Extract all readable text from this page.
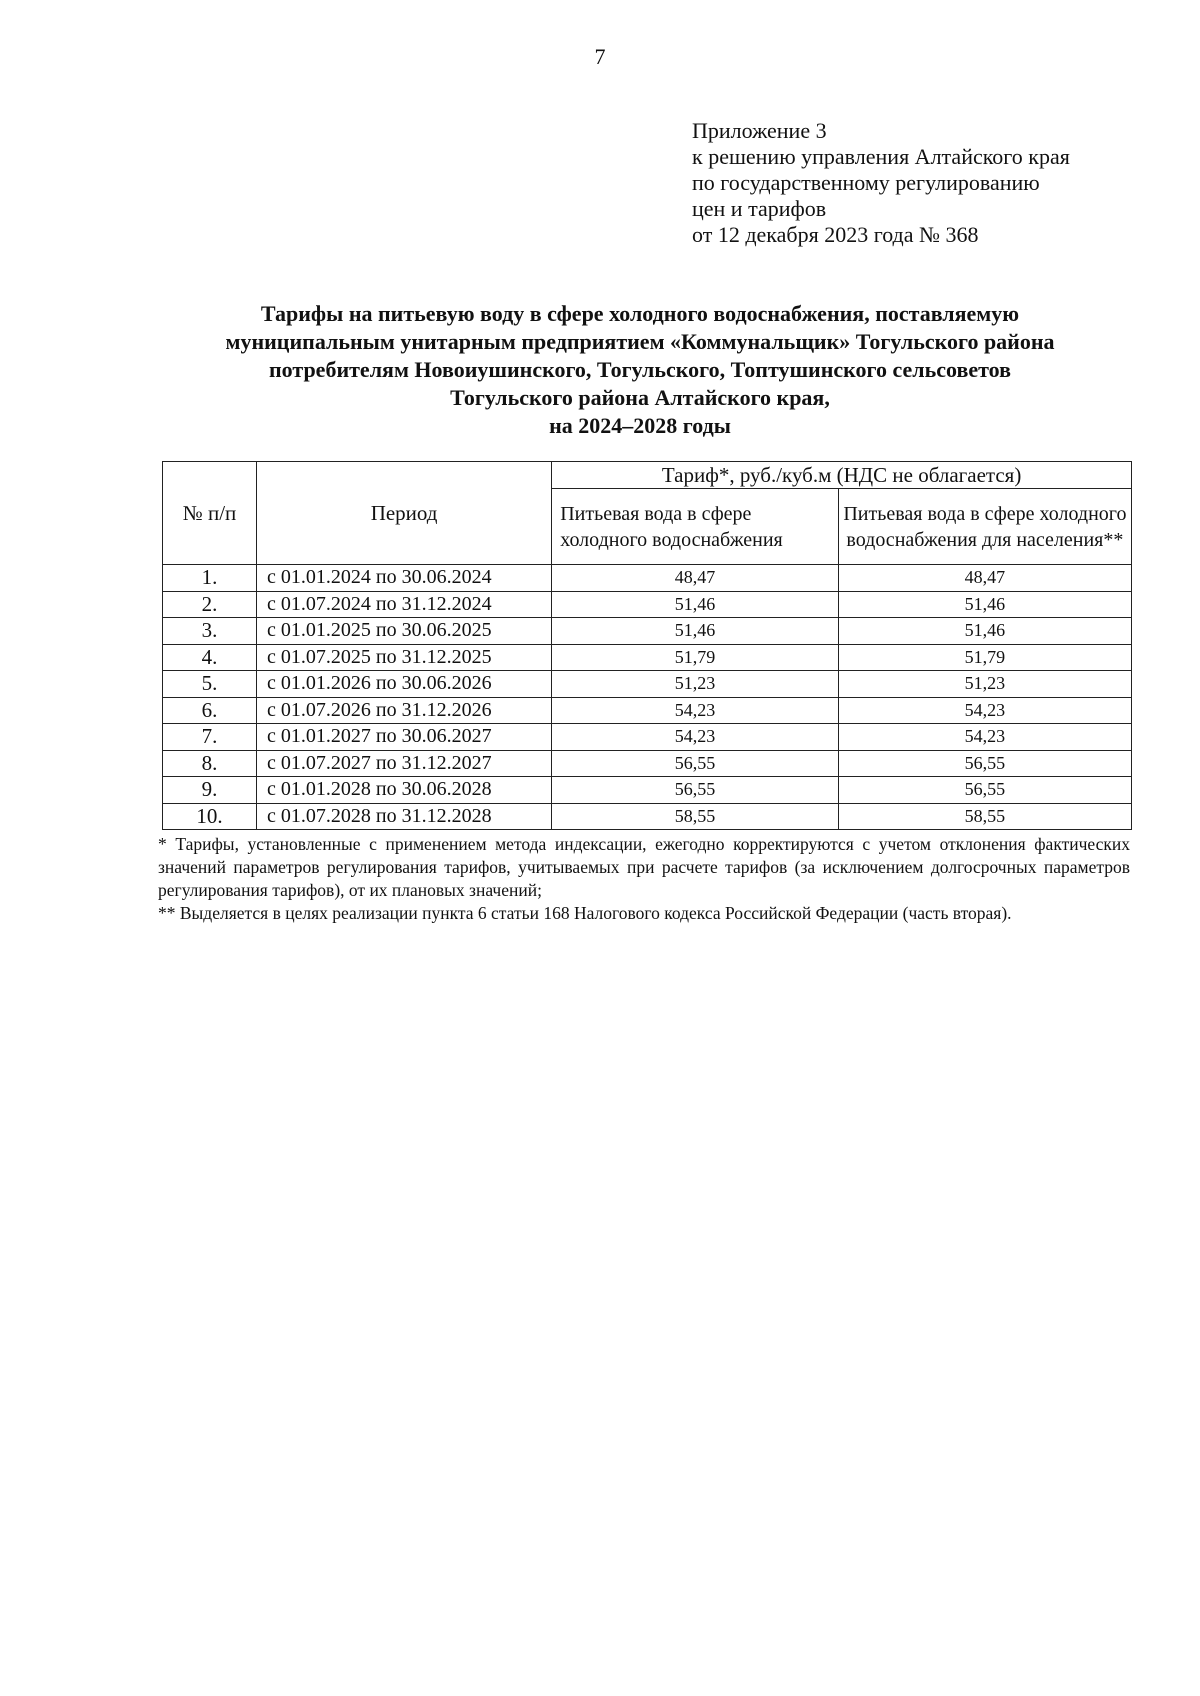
7
Приложение 3
к решению управления Алтайского края
по государственному регулированию
цен и тарифов
от 12 декабря 2023 года № 368
Тарифы на питьевую воду в сфере холодного водоснабжения, поставляемую
муниципальным унитарным предприятием «Коммунальщик» Тогульского района
потребителям Новоиушинского, Тогульского, Топтушинского сельсоветов
Тогульского района Алтайского края,
на 2024–2028 годы
№ п/п	Период	Тариф*, руб./куб.м (НДС не облагается)	
		Питьевая вода в сфере холодного водоснабжения	Питьевая вода в сфере холодного водоснабжения для населения**
1.	с 01.01.2024 по 30.06.2024	48,47	48,47
2.	с 01.07.2024 по 31.12.2024	51,46	51,46
3.	с 01.01.2025 по 30.06.2025	51,46	51,46
4.	с 01.07.2025 по 31.12.2025	51,79	51,79
5.	с 01.01.2026 по 30.06.2026	51,23	51,23
6.	с 01.07.2026 по 31.12.2026	54,23	54,23
7.	с 01.01.2027 по 30.06.2027	54,23	54,23
8.	с 01.07.2027 по 31.12.2027	56,55	56,55
9.	с 01.01.2028 по 30.06.2028	56,55	56,55
10.	с 01.07.2028 по 31.12.2028	58,55	58,55

* Тарифы, установленные с применением метода индексации, ежегодно корректируются с учетом отклонения фактических значений параметров регулирования тарифов, учитываемых при расчете тарифов (за исключением долгосрочных параметров регулирования тарифов), от их плановых значений;

** Выделяется в целях реализации пункта 6 статьи 168 Налогового кодекса Российской Федерации (часть вторая).
